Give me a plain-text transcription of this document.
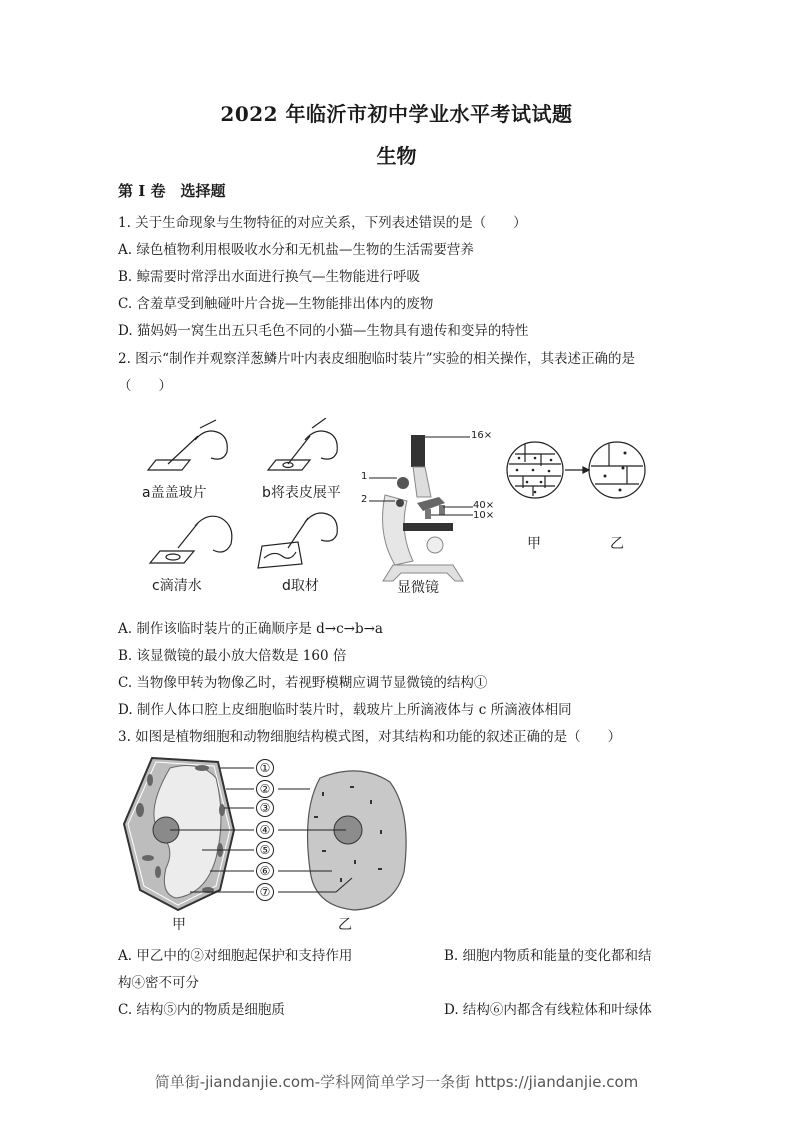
2022 年临沂市初中学业水平考试试题
生物
第 I 卷　选择题
1. 关于生命现象与生物特征的对应关系，下列表述错误的是（　　）
A. 绿色植物利用根吸收水分和无机盐—生物的生活需要营养
B. 鲸需要时常浮出水面进行换气—生物能进行呼吸
C. 含羞草受到触碰叶片合拢—生物能排出体内的废物
D. 猫妈妈一窝生出五只毛色不同的小猫—生物具有遗传和变异的特性
2. 图示“制作并观察洋葱鳞片叶内表皮细胞临时装片”实验的相关操作，其表述正确的是
（　　）
a盖盖玻片	b将表皮展平
c滴清水	d取材
16×
40×
10×
1
2
显微镜
甲	乙
A. 制作该临时装片的正确顺序是 d→c→b→a
B. 该显微镜的最小放大倍数是 160 倍
C. 当物像甲转为物像乙时，若视野模糊应调节显微镜的结构①
D. 制作人体口腔上皮细胞临时装片时，载玻片上所滴液体与 c 所滴液体相同
3. 如图是植物细胞和动物细胞结构模式图，对其结构和功能的叙述正确的是（　　）
①
②
③
④
⑤
⑥
⑦
甲	乙
A. 甲乙中的②对细胞起保护和支持作用	B. 细胞内物质和能量的变化都和结
构④密不可分
C. 结构⑤内的物质是细胞质	D. 结构⑥内都含有线粒体和叶绿体
简单街-jiandanjie.com-学科网简单学习一条街 https://jiandanjie.com
